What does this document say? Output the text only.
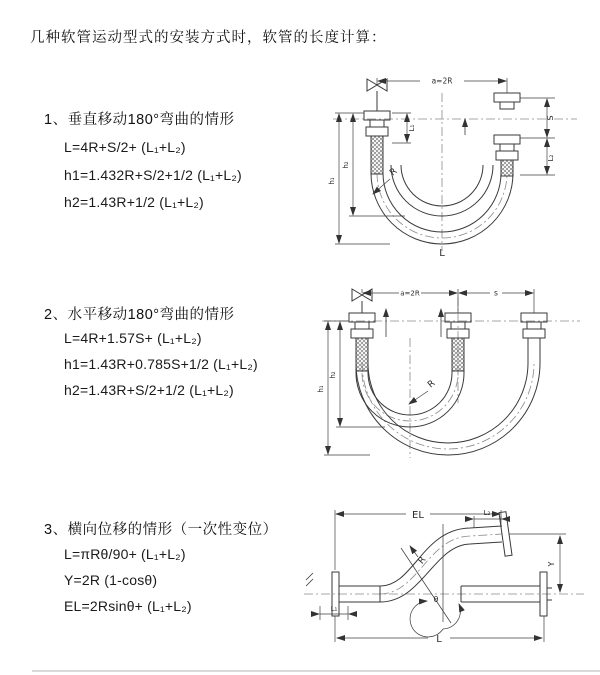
几种软管运动型式的安装方式时，软管的长度计算：
1、垂直移动180°弯曲的情形
L=4R+S/2+ (L₁+L₂)
h1=1.432R+S/2+1/2 (L₁+L₂)
h2=1.43R+1/2 (L₁+L₂)
a=2R
S
L₂
L₁
h₂
h₁
R
L
2、水平移动180°弯曲的情形
L=4R+1.57S+ (L₁+L₂)
h1=1.43R+0.785S+1/2 (L₁+L₂)
h2=1.43R+S/2+1/2 (L₁+L₂)
a=2R	s
h₂
h₁	R
3、横向位移的情形（一次性变位）
L=πRθ/90+ (L₁+L₂)
Y=2R (1-cosθ)
EL=2Rsinθ+ (L₁+L₂)
EL	L₂
Y
R
θ
L
L₁
